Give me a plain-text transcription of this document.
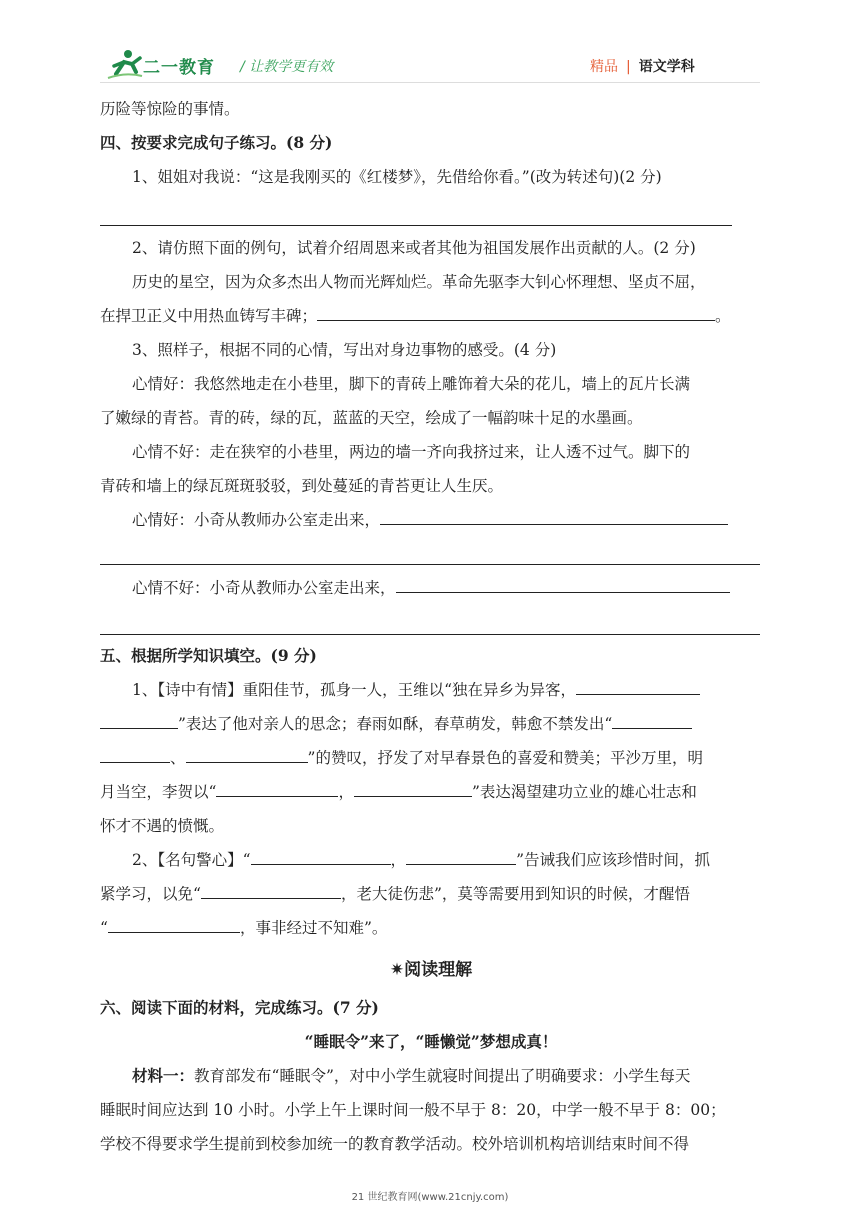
二一教育 / 让教学更有效	精品 | 语文学科

历险等惊险的事情。

四、按要求完成句子练习。(8 分)

1、姐姐对我说：“这是我刚买的《红楼梦》，先借给你看。”(改为转述句)(2 分)

2、请仿照下面的例句，试着介绍周恩来或者其他为祖国发展作出贡献的人。(2 分)

历史的星空，因为众多杰出人物而光辉灿烂。革命先驱李大钊心怀理想、坚贞不屈，

在捍卫正义中用热血铸写丰碑；	。

3、照样子，根据不同的心情，写出对身边事物的感受。(4 分)

心情好：我悠然地走在小巷里，脚下的青砖上雕饰着大朵的花儿，墙上的瓦片长满

了嫩绿的青苔。青的砖，绿的瓦，蓝蓝的天空，绘成了一幅韵味十足的水墨画。

心情不好：走在狭窄的小巷里，两边的墙一齐向我挤过来，让人透不过气。脚下的

青砖和墙上的绿瓦斑斑驳驳，到处蔓延的青苔更让人生厌。

心情好：小奇从教师办公室走出来，

心情不好：小奇从教师办公室走出来，

五、根据所学知识填空。(9 分)

1、【诗中有情】重阳佳节，孤身一人，王维以“独在异乡为异客，

”表达了他对亲人的思念；春雨如酥，春草萌发，韩愈不禁发出“

、	”的赞叹，抒发了对早春景色的喜爱和赞美；平沙万里，明

月当空，李贺以“	，	”表达渴望建功立业的雄心壮志和

怀才不遇的愤慨。

2、【名句警心】“	，	”告诫我们应该珍惜时间，抓

紧学习，以免“	，老大徒伤悲”，莫等需要用到知识的时候，才醒悟

“	，事非经过不知难”。

✷阅读理解

六、阅读下面的材料，完成练习。(7 分)

“睡眠令”来了，“睡懒觉”梦想成真！

材料一：教育部发布“睡眠令”，对中小学生就寝时间提出了明确要求：小学生每天

睡眠时间应达到 10 小时。小学上午上课时间一般不早于 8：20，中学一般不早于 8：00；

学校不得要求学生提前到校参加统一的教育教学活动。校外培训机构培训结束时间不得

21 世纪教育网(www.21cnjy.com)
